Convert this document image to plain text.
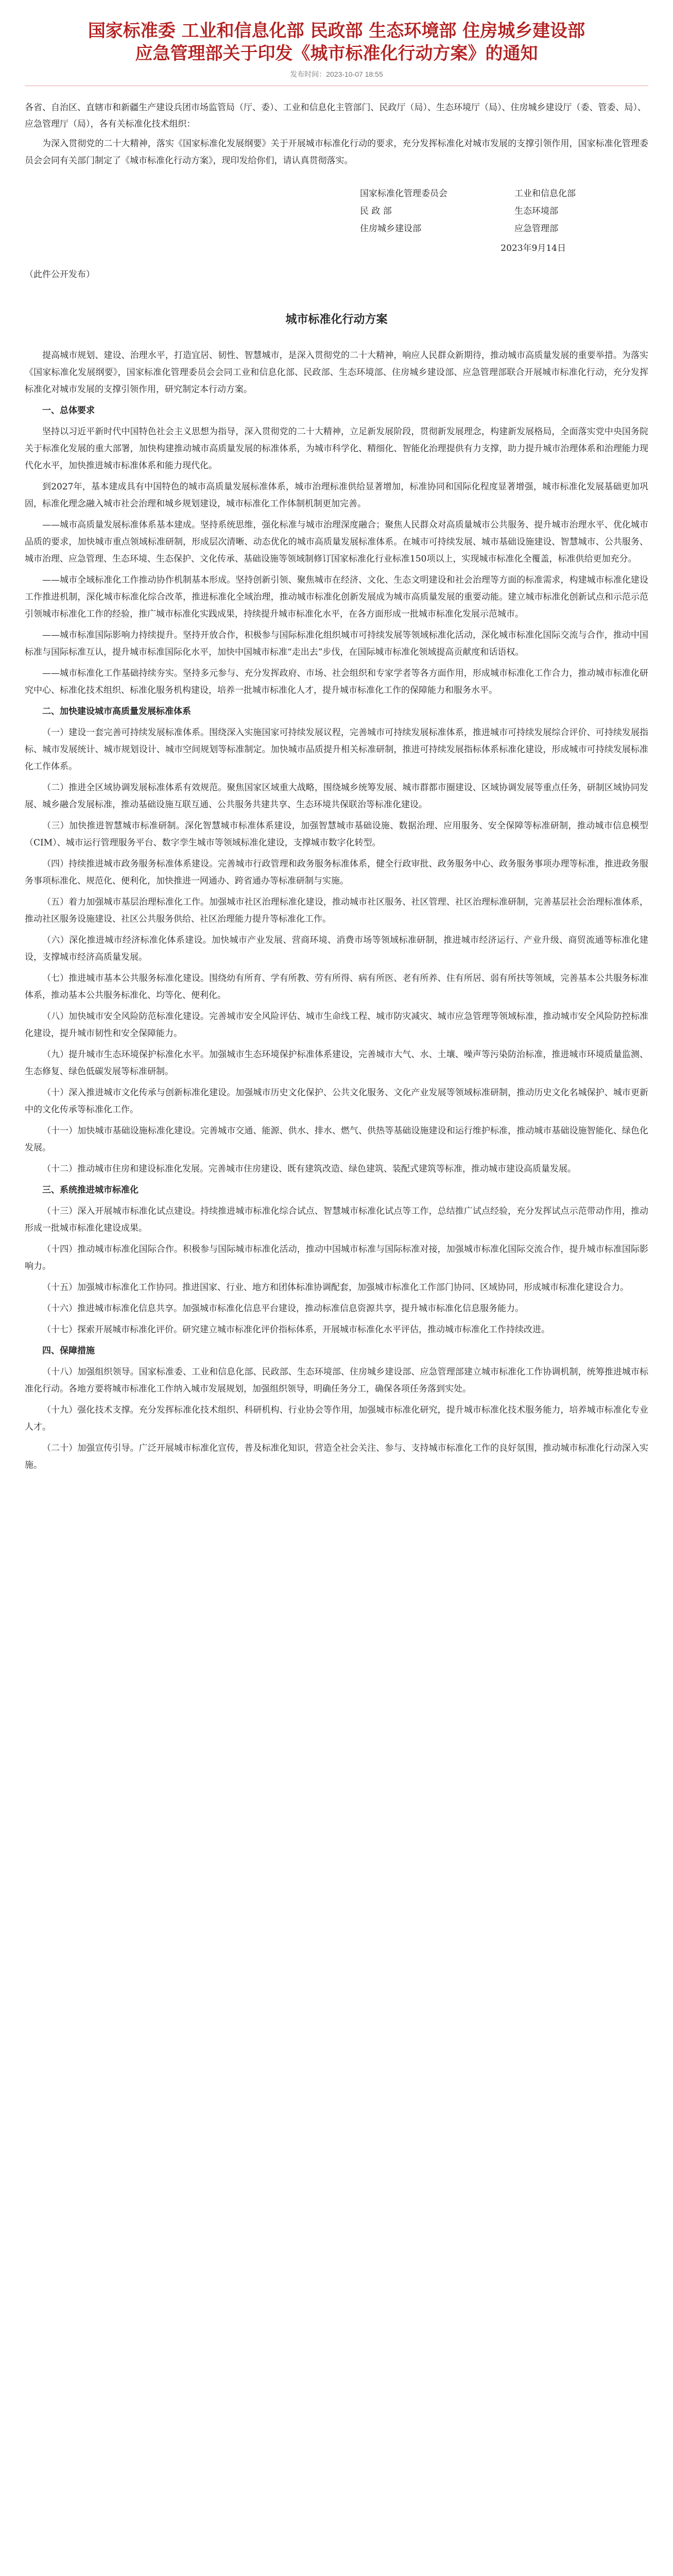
国家标准委 工业和信息化部 民政部 生态环境部 住房城乡建设部 应急管理部关于印发《城市标准化行动方案》的通知
发布时间：2023-10-07 18:55
各省、自治区、直辖市和新疆生产建设兵团市场监管局（厅、委）、工业和信息化主管部门、民政厅（局）、生态环境厅（局）、住房城乡建设厅（委、管委、局）、应急管理厅（局），各有关标准化技术组织：

为深入贯彻党的二十大精神，落实《国家标准化发展纲要》关于开展城市标准化行动的要求，充分发挥标准化对城市发展的支撑引领作用，国家标准化管理委员会会同有关部门制定了《城市标准化行动方案》，现印发给你们，请认真贯彻落实。

国家标准化管理委员会
民 政 部
住房城乡建设部
工业和信息化部
生态环境部
应急管理部
2023年9月14日
（此件公开发布）
城市标准化行动方案

提高城市规划、建设、治理水平，打造宜居、韧性、智慧城市，是深入贯彻党的二十大精神，响应人民群众新期待，推动城市高质量发展的重要举措。为落实《国家标准化发展纲要》，国家标准化管理委员会会同工业和信息化部、民政部、生态环境部、住房城乡建设部、应急管理部联合开展城市标准化行动，充分发挥标准化对城市发展的支撑引领作用，研究制定本行动方案。

一、总体要求

坚持以习近平新时代中国特色社会主义思想为指导，深入贯彻党的二十大精神，立足新发展阶段，贯彻新发展理念，构建新发展格局，全面落实党中央国务院关于标准化发展的重大部署，加快构建推动城市高质量发展的标准体系，为城市科学化、精细化、智能化治理提供有力支撑，助力提升城市治理体系和治理能力现代化水平，加快推进城市标准体系和能力现代化。

到2027年，基本建成具有中国特色的城市高质量发展标准体系，城市治理标准供给显著增加，标准协同和国际化程度显著增强，城市标准化发展基础更加巩固，标准化理念融入城市社会治理和城乡规划建设，城市标准化工作体制机制更加完善。

——城市高质量发展标准体系基本建成。坚持系统思维，强化标准与城市治理深度融合；聚焦人民群众对高质量城市公共服务、提升城市治理水平、优化城市品质的要求，加快城市重点领域标准研制，形成层次清晰、动态优化的城市高质量发展标准体系。在城市可持续发展、城市基础设施建设、智慧城市、公共服务、城市治理、应急管理、生态环境、生态保护、文化传承、基础设施等领域制修订国家标准化行业标准150项以上，实现城市标准化全覆盖，标准供给更加充分。

——城市全域标准化工作推动协作机制基本形成。坚持创新引领、聚焦城市在经济、文化、生态文明建设和社会治理等方面的标准需求，构建城市标准化建设工作推进机制，深化城市标准化综合改革，推进标准化全域治理，推动城市标准化创新发展成为城市高质量发展的重要动能。建立城市标准化创新试点和示范示范引领城市标准化工作的经验，推广城市标准化实践成果，持续提升城市标准化水平，在各方面形成一批城市标准化发展示范城市。

——城市标准国际影响力持续提升。坚持开放合作，积极参与国际标准化组织城市可持续发展等领域标准化活动，深化城市标准化国际交流与合作，推动中国标准与国际标准互认，提升城市标准国际化水平，加快中国城市标准“走出去”步伐，在国际城市标准化领域提高贡献度和话语权。

——城市标准化工作基础持续夯实。坚持多元参与、充分发挥政府、市场、社会组织和专家学者等各方面作用，形成城市标准化工作合力，推动城市标准化研究中心、标准化技术组织、标准化服务机构建设，培养一批城市标准化人才，提升城市标准化工作的保障能力和服务水平。

二、加快建设城市高质量发展标准体系

（一）建设一套完善可持续发展标准体系。围绕深入实施国家可持续发展议程，完善城市可持续发展标准体系，推进城市可持续发展综合评价、可持续发展指标、城市发展统计、城市规划设计、城市空间规划等标准制定。加快城市品质提升相关标准研制，推进可持续发展指标体系标准化建设，形成城市可持续发展标准化工作体系。

（二）推进全区域协调发展标准体系有效规范。聚焦国家区域重大战略，围绕城乡统筹发展、城市群都市圈建设、区域协调发展等重点任务，研制区域协同发展、城乡融合发展标准，推动基础设施互联互通、公共服务共建共享、生态环境共保联治等标准化建设。

（三）加快推进智慧城市标准研制。深化智慧城市标准体系建设，加强智慧城市基础设施、数据治理、应用服务、安全保障等标准研制，推动城市信息模型（CIM）、城市运行管理服务平台、数字孪生城市等领域标准化建设，支撑城市数字化转型。

（四）持续推进城市政务服务标准体系建设。完善城市行政管理和政务服务标准体系，健全行政审批、政务服务中心、政务服务事项办理等标准，推进政务服务事项标准化、规范化、便利化，加快推进一网通办、跨省通办等标准研制与实施。

（五）着力加强城市基层治理标准化工作。加强城市社区治理标准化建设，推动城市社区服务、社区管理、社区治理标准研制，完善基层社会治理标准体系，推动社区服务设施建设、社区公共服务供给、社区治理能力提升等标准化工作。

（六）深化推进城市经济标准化体系建设。加快城市产业发展、营商环境、消费市场等领域标准研制，推进城市经济运行、产业升级、商贸流通等标准化建设，支撑城市经济高质量发展。

（七）推进城市基本公共服务标准化建设。围绕幼有所育、学有所教、劳有所得、病有所医、老有所养、住有所居、弱有所扶等领域，完善基本公共服务标准体系，推动基本公共服务标准化、均等化、便利化。

（八）加快城市安全风险防范标准化建设。完善城市安全风险评估、城市生命线工程、城市防灾减灾、城市应急管理等领域标准，推动城市安全风险防控标准化建设，提升城市韧性和安全保障能力。

（九）提升城市生态环境保护标准化水平。加强城市生态环境保护标准体系建设，完善城市大气、水、土壤、噪声等污染防治标准，推进城市环境质量监测、生态修复、绿色低碳发展等标准研制。

（十）深入推进城市文化传承与创新标准化建设。加强城市历史文化保护、公共文化服务、文化产业发展等领域标准研制，推动历史文化名城保护、城市更新中的文化传承等标准化工作。

（十一）加快城市基础设施标准化建设。完善城市交通、能源、供水、排水、燃气、供热等基础设施建设和运行维护标准，推动城市基础设施智能化、绿色化发展。

（十二）推动城市住房和建设标准化发展。完善城市住房建设、既有建筑改造、绿色建筑、装配式建筑等标准，推动城市建设高质量发展。

三、系统推进城市标准化

（十三）深入开展城市标准化试点建设。持续推进城市标准化综合试点、智慧城市标准化试点等工作，总结推广试点经验，充分发挥试点示范带动作用，推动形成一批城市标准化建设成果。

（十四）推动城市标准化国际合作。积极参与国际城市标准化活动，推动中国城市标准与国际标准对接，加强城市标准化国际交流合作，提升城市标准国际影响力。

（十五）加强城市标准化工作协同。推进国家、行业、地方和团体标准协调配套，加强城市标准化工作部门协同、区域协同，形成城市标准化建设合力。

（十六）推进城市标准化信息共享。加强城市标准化信息平台建设，推动标准信息资源共享，提升城市标准化信息服务能力。

（十七）探索开展城市标准化评价。研究建立城市标准化评价指标体系，开展城市标准化水平评估，推动城市标准化工作持续改进。

四、保障措施

（十八）加强组织领导。国家标准委、工业和信息化部、民政部、生态环境部、住房城乡建设部、应急管理部建立城市标准化工作协调机制，统筹推进城市标准化行动。各地方要将城市标准化工作纳入城市发展规划，加强组织领导，明确任务分工，确保各项任务落到实处。

（十九）强化技术支撑。充分发挥标准化技术组织、科研机构、行业协会等作用，加强城市标准化研究，提升城市标准化技术服务能力，培养城市标准化专业人才。

（二十）加强宣传引导。广泛开展城市标准化宣传，普及标准化知识，营造全社会关注、参与、支持城市标准化工作的良好氛围，推动城市标准化行动深入实施。
